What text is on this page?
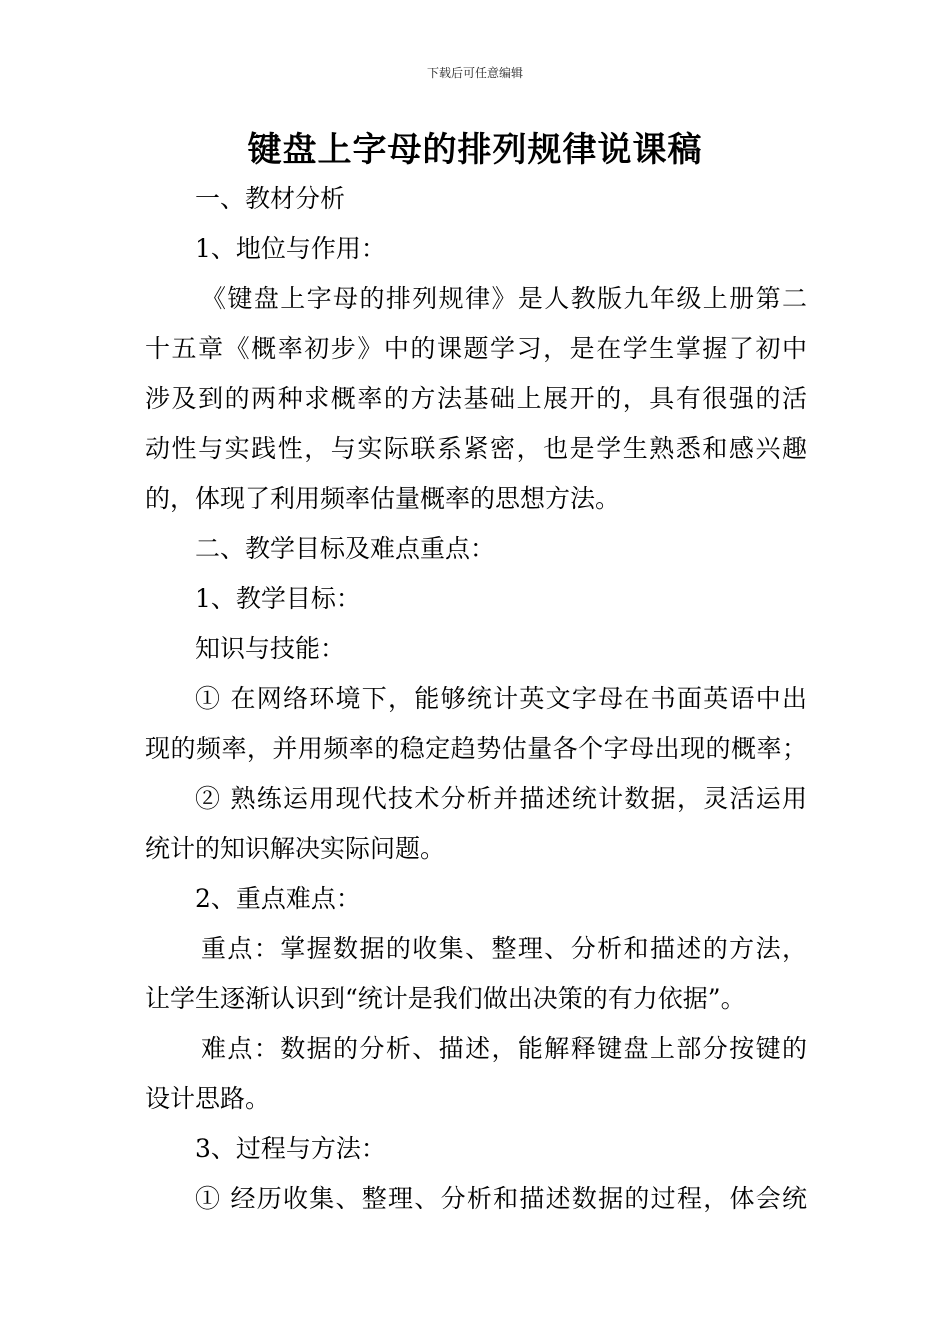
下载后可任意编辑
键盘上字母的排列规律说课稿
一、教材分析
1、地位与作用：
《键盘上字母的排列规律》是人教版九年级上册第二
十五章《概率初步》中的课题学习，是在学生掌握了初中
涉及到的两种求概率的方法基础上展开的，具有很强的活
动性与实践性，与实际联系紧密，也是学生熟悉和感兴趣
的，体现了利用频率估量概率的思想方法。
二、教学目标及难点重点：
1、教学目标：
知识与技能：
① 在网络环境下，能够统计英文字母在书面英语中出
现的频率，并用频率的稳定趋势估量各个字母出现的概率；
② 熟练运用现代技术分析并描述统计数据，灵活运用
统计的知识解决实际问题。
2、重点难点：
重点：掌握数据的收集、整理、分析和描述的方法，
让学生逐渐认识到“统计是我们做出决策的有力依据”。
难点：数据的分析、描述，能解释键盘上部分按键的
设计思路。
3、过程与方法：
① 经历收集、整理、分析和描述数据的过程，体会统
